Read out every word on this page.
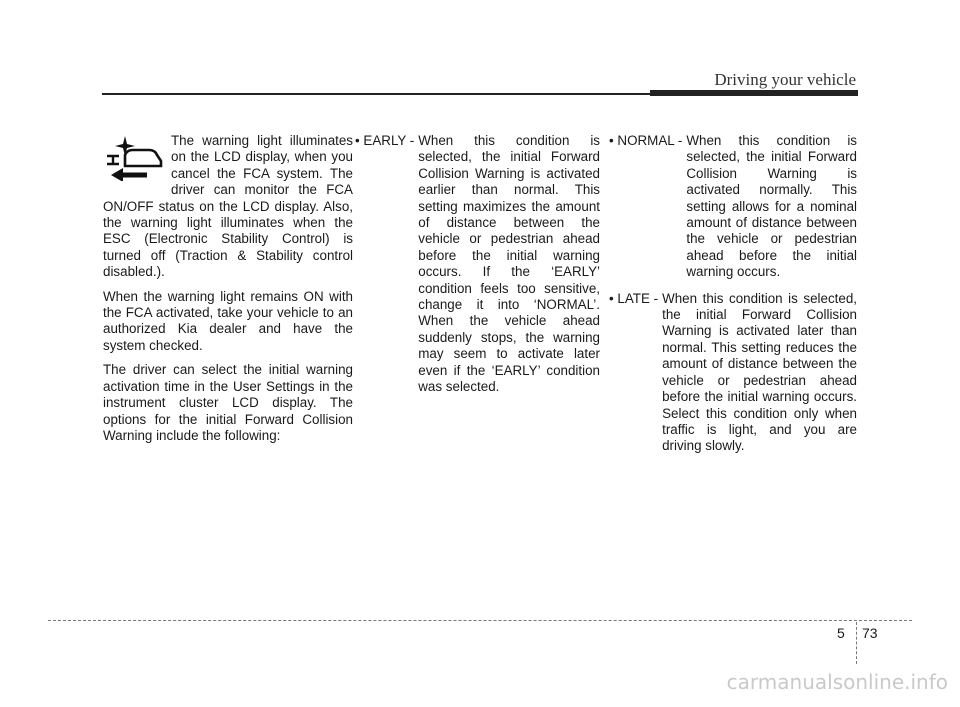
Driving your vehicle

The warning light illuminates on the LCD display, when you cancel the FCA system. The driver can monitor the FCA ON/OFF status on the LCD display. Also, the warning light illuminates when the ESC (Electronic Stability Control) is turned off (Traction & Stability control disabled.).

When the warning light remains ON with the FCA activated, take your vehicle to an authorized Kia dealer and have the system checked.

The driver can select the initial warning activation time in the User Settings in the instrument cluster LCD display. The options for the initial Forward Collision Warning include the following:

• EARLY - When this condition is selected, the initial Forward Collision Warning is activated earlier than normal. This setting maximizes the amount of distance between the vehicle or pedestrian ahead before the initial warning occurs. If the ‘EARLY’ condition feels too sensitive, change it into ‘NORMAL’. When the vehicle ahead suddenly stops, the warning may seem to activate later even if the ‘EARLY’ condition was selected.
• NORMAL - When this condition is selected, the initial Forward Collision Warning is activated normally. This setting allows for a nominal amount of distance between the vehicle or pedestrian ahead before the initial warning occurs.
• LATE - When this condition is selected, the initial Forward Collision Warning is activated later than normal. This setting reduces the amount of distance between the vehicle or pedestrian ahead before the initial warning occurs. Select this condition only when traffic is light, and you are driving slowly.
5 73
carmanualsonline.info
